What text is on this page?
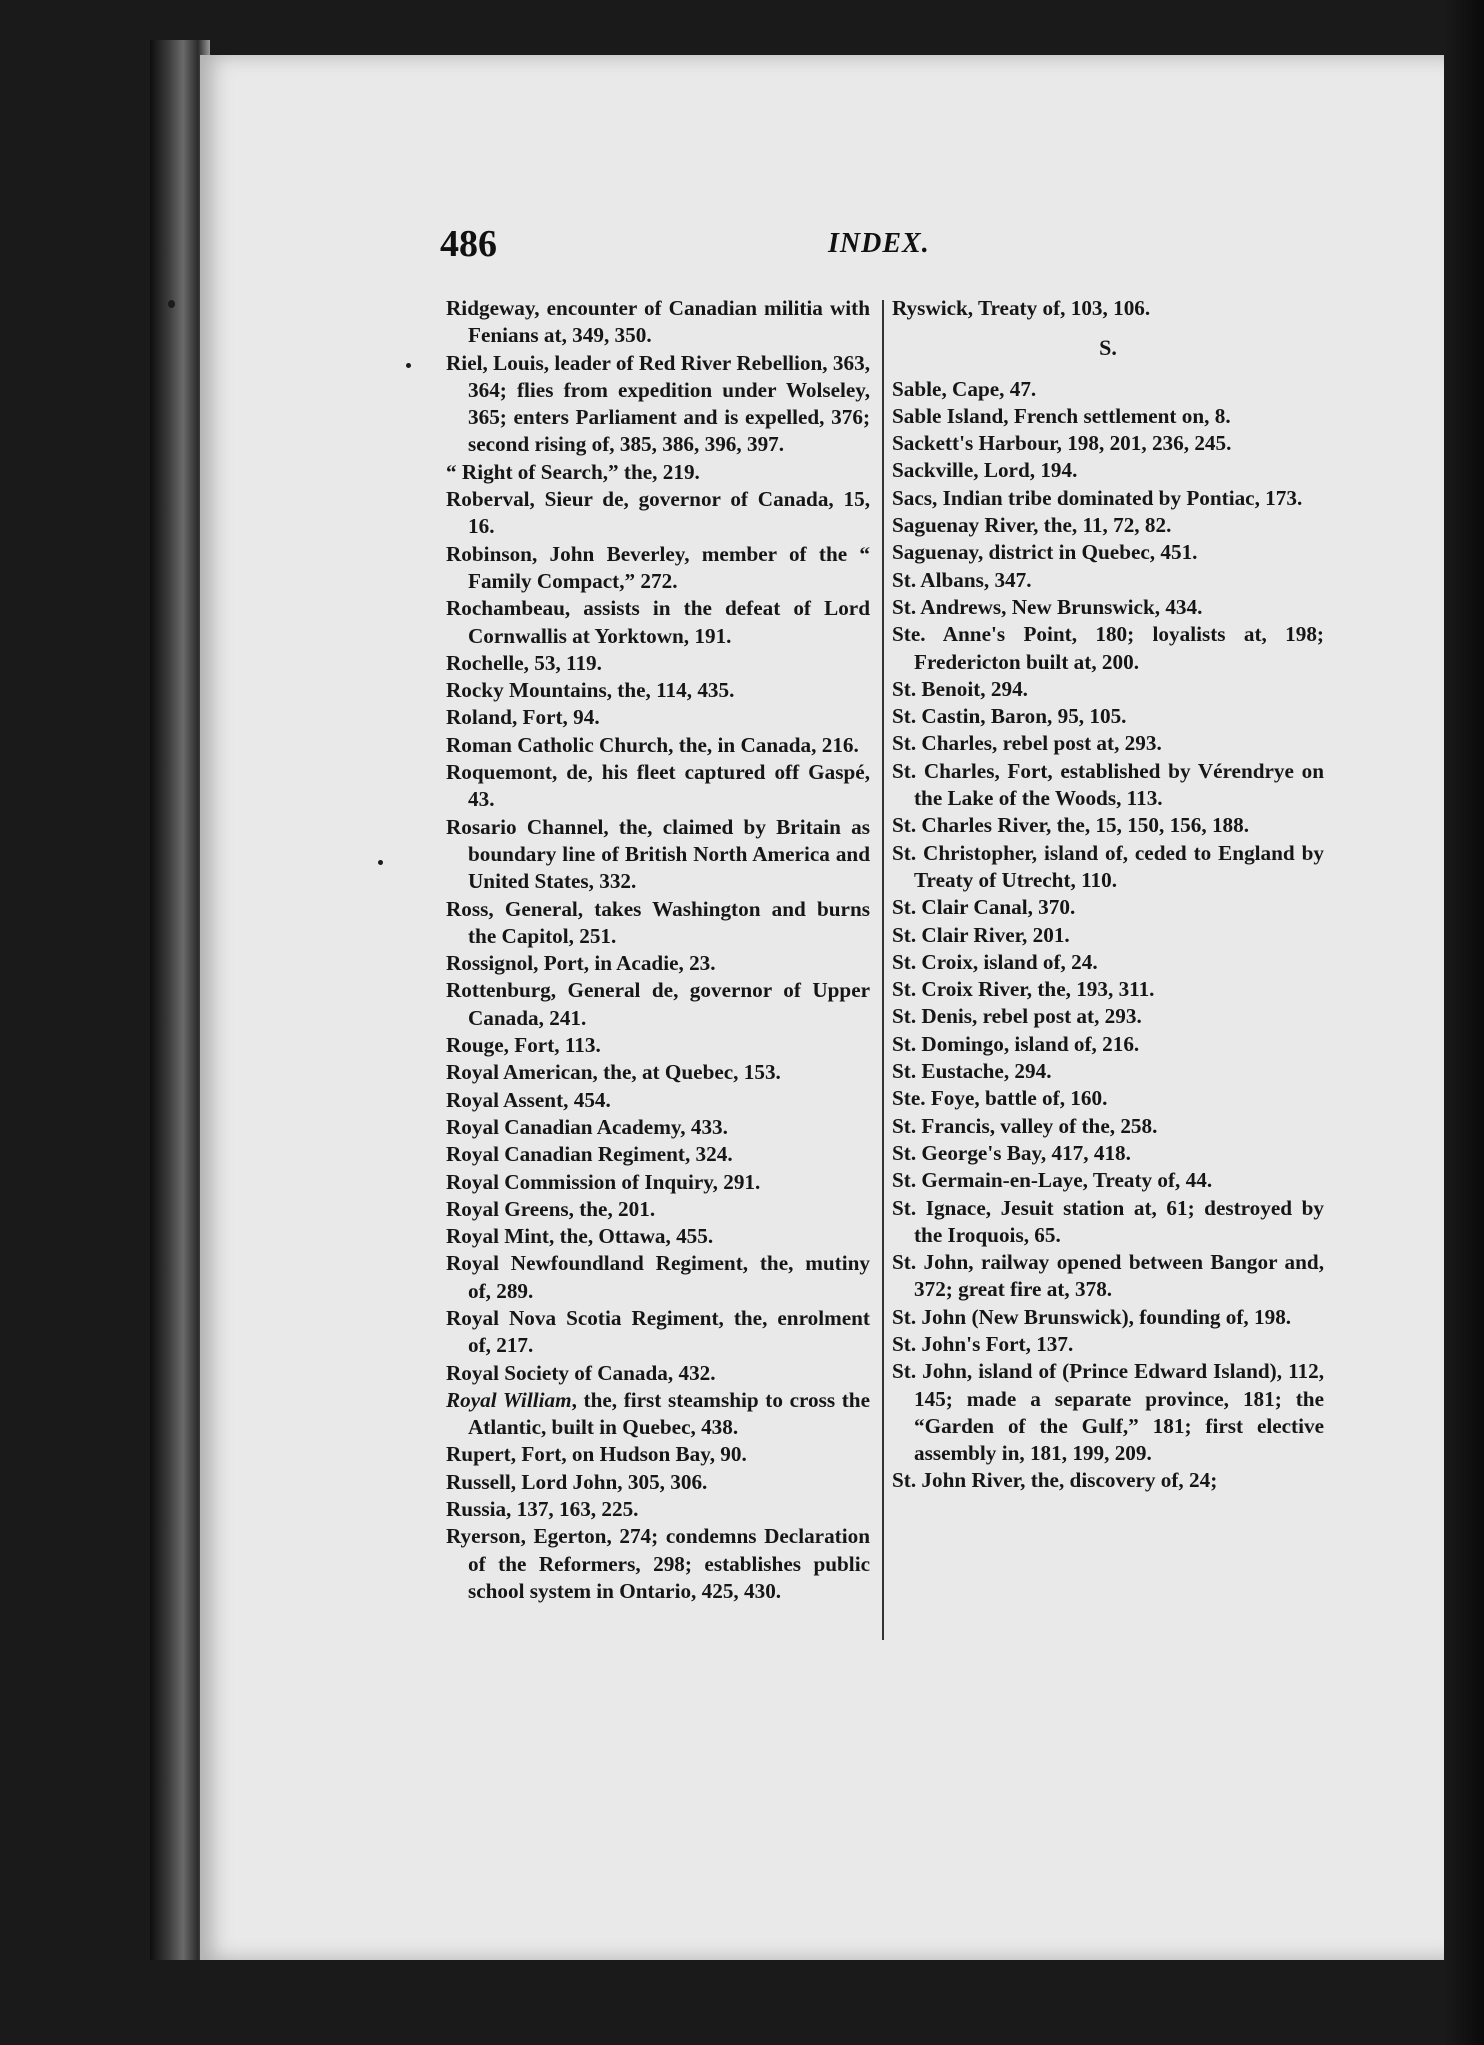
486	INDEX.

Ridgeway, encounter of Canadian militia with Fenians at, 349, 350.

Riel, Louis, leader of Red River Rebellion, 363, 364; flies from expedition under Wolseley, 365; enters Parliament and is expelled, 376; second rising of, 385, 386, 396, 397.

“ Right of Search,” the, 219.

Roberval, Sieur de, governor of Canada, 15, 16.

Robinson, John Beverley, member of the “ Family Compact,” 272.

Rochambeau, assists in the defeat of Lord Cornwallis at Yorktown, 191.

Rochelle, 53, 119.

Rocky Mountains, the, 114, 435.

Roland, Fort, 94.

Roman Catholic Church, the, in Canada, 216.

Roquemont, de, his fleet captured off Gaspé, 43.

Rosario Channel, the, claimed by Britain as boundary line of British North America and United States, 332.

Ross, General, takes Washington and burns the Capitol, 251.

Rossignol, Port, in Acadie, 23.

Rottenburg, General de, governor of Upper Canada, 241.

Rouge, Fort, 113.

Royal American, the, at Quebec, 153.

Royal Assent, 454.

Royal Canadian Academy, 433.

Royal Canadian Regiment, 324.

Royal Commission of Inquiry, 291.

Royal Greens, the, 201.

Royal Mint, the, Ottawa, 455.

Royal Newfoundland Regiment, the, mutiny of, 289.

Royal Nova Scotia Regiment, the, enrolment of, 217.

Royal Society of Canada, 432.

Royal William, the, first steamship to cross the Atlantic, built in Quebec, 438.

Rupert, Fort, on Hudson Bay, 90.

Russell, Lord John, 305, 306.

Russia, 137, 163, 225.

Ryerson, Egerton, 274; condemns Declaration of the Reformers, 298; establishes public school system in Ontario, 425, 430.

Ryswick, Treaty of, 103, 106.

S.

Sable, Cape, 47.

Sable Island, French settlement on, 8.

Sackett's Harbour, 198, 201, 236, 245.

Sackville, Lord, 194.

Sacs, Indian tribe dominated by Pontiac, 173.

Saguenay River, the, 11, 72, 82.

Saguenay, district in Quebec, 451.

St. Albans, 347.

St. Andrews, New Brunswick, 434.

Ste. Anne's Point, 180; loyalists at, 198; Fredericton built at, 200.

St. Benoit, 294.

St. Castin, Baron, 95, 105.

St. Charles, rebel post at, 293.

St. Charles, Fort, established by Vérendrye on the Lake of the Woods, 113.

St. Charles River, the, 15, 150, 156, 188.

St. Christopher, island of, ceded to England by Treaty of Utrecht, 110.

St. Clair Canal, 370.

St. Clair River, 201.

St. Croix, island of, 24.

St. Croix River, the, 193, 311.

St. Denis, rebel post at, 293.

St. Domingo, island of, 216.

St. Eustache, 294.

Ste. Foye, battle of, 160.

St. Francis, valley of the, 258.

St. George's Bay, 417, 418.

St. Germain-en-Laye, Treaty of, 44.

St. Ignace, Jesuit station at, 61; destroyed by the Iroquois, 65.

St. John, railway opened between Bangor and, 372; great fire at, 378.

St. John (New Brunswick), founding of, 198.

St. John's Fort, 137.

St. John, island of (Prince Edward Island), 112, 145; made a separate province, 181; the “Garden of the Gulf,” 181; first elective assembly in, 181, 199, 209.

St. John River, the, discovery of, 24;
